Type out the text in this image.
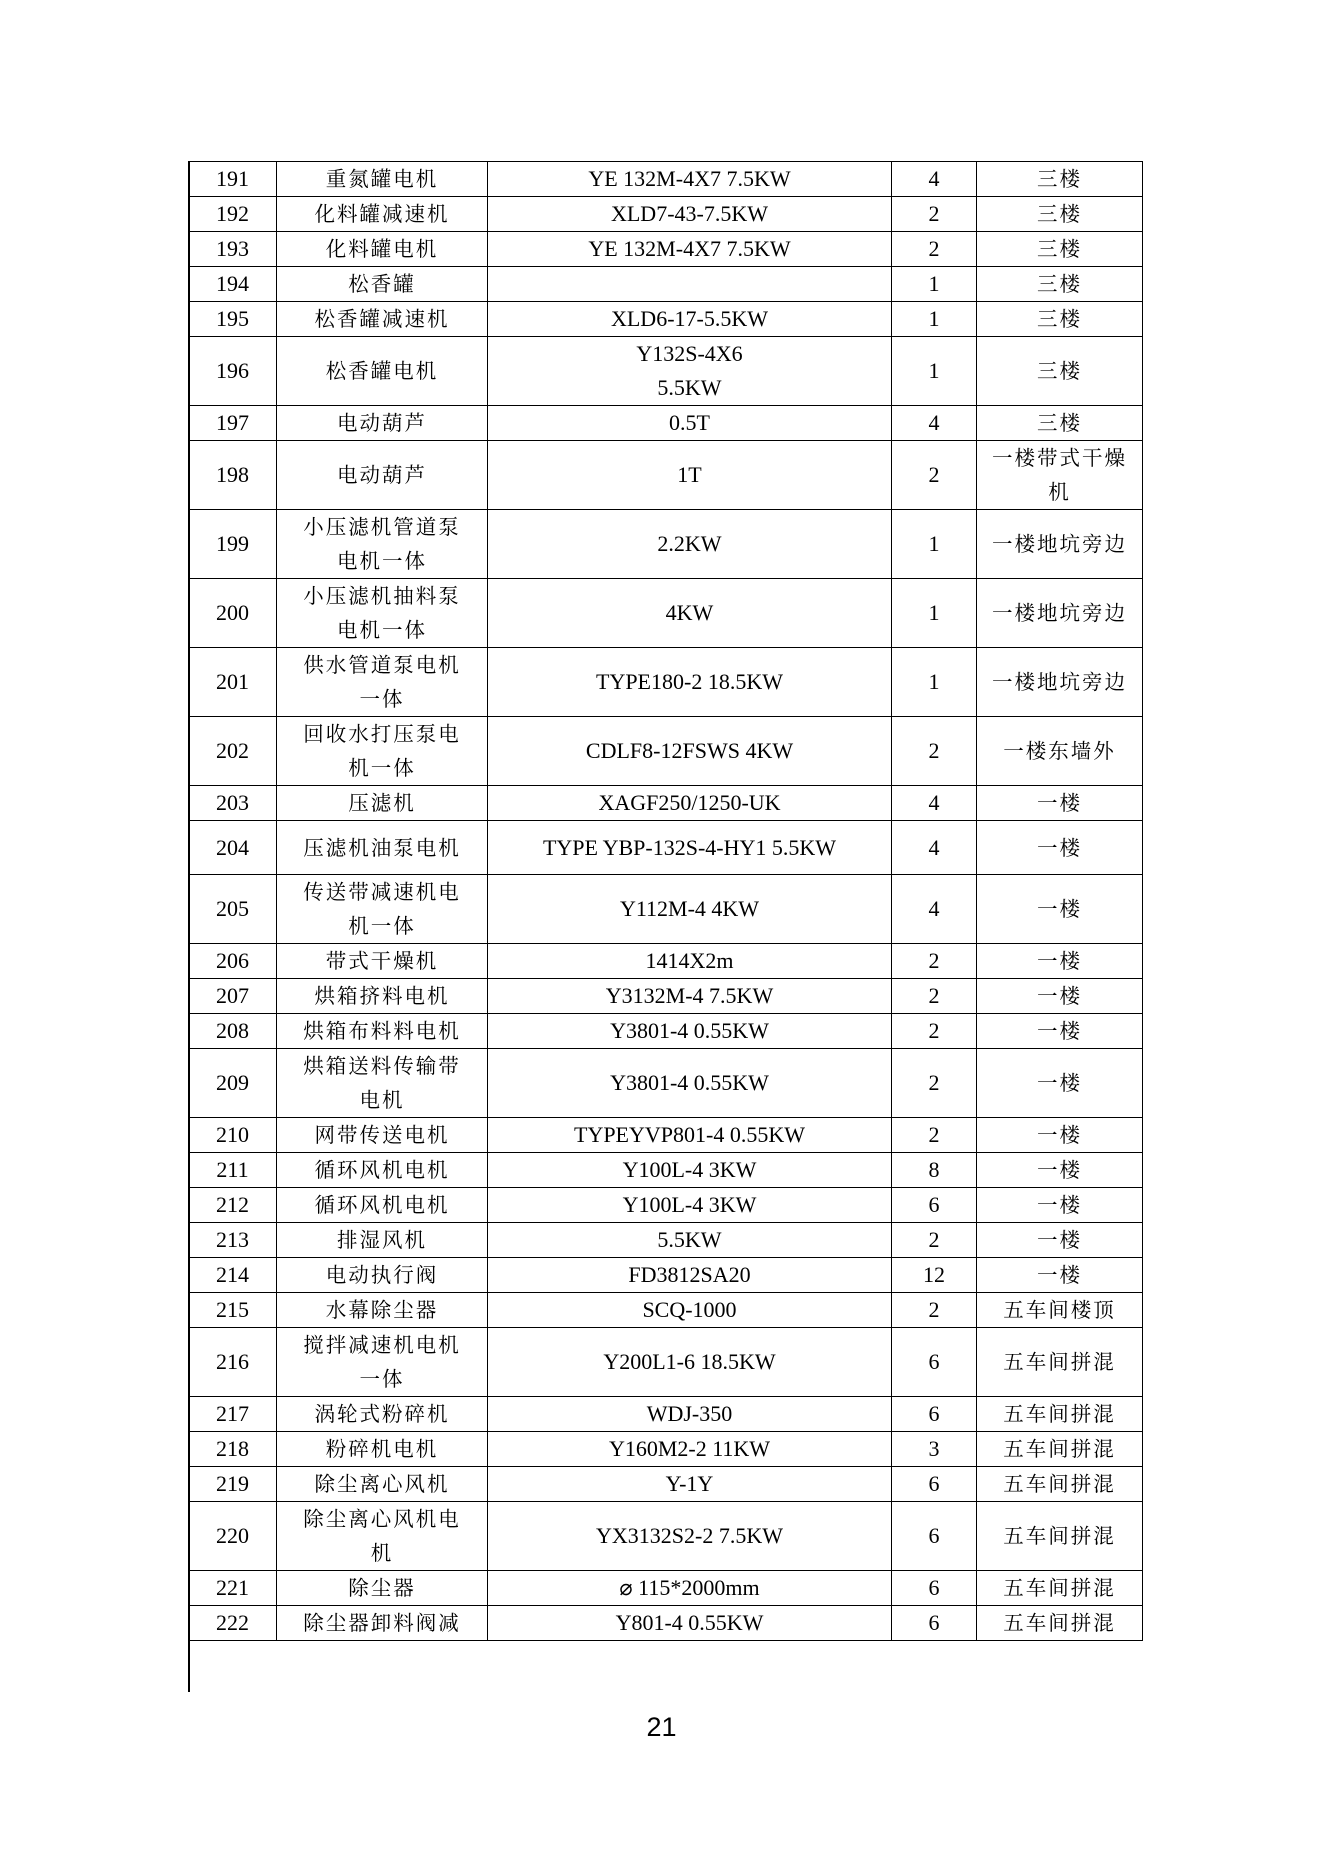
191	重氮罐电机	YE 132M-4X7 7.5KW	4	三楼
192	化料罐减速机	XLD7-43-7.5KW	2	三楼
193	化料罐电机	YE 132M-4X7 7.5KW	2	三楼
194	松香罐		1	三楼
195	松香罐减速机	XLD6-17-5.5KW	1	三楼
196	松香罐电机	Y132S-4X6
5.5KW	1	三楼
197	电动葫芦	0.5T	4	三楼
198	电动葫芦	1T	2	一楼带式干燥
机
199	小压滤机管道泵
电机一体	2.2KW	1	一楼地坑旁边
200	小压滤机抽料泵
电机一体	4KW	1	一楼地坑旁边
201	供水管道泵电机
一体	TYPE180-2 18.5KW	1	一楼地坑旁边
202	回收水打压泵电
机一体	CDLF8-12FSWS 4KW	2	一楼东墙外
203	压滤机	XAGF250/1250-UK	4	一楼
204	压滤机油泵电机	TYPE YBP-132S-4-HY1 5.5KW	4	一楼
205	传送带减速机电
机一体	Y112M-4 4KW	4	一楼
206	带式干燥机	1414X2m	2	一楼
207	烘箱挤料电机	Y3132M-4 7.5KW	2	一楼
208	烘箱布料料电机	Y3801-4 0.55KW	2	一楼
209	烘箱送料传输带
电机	Y3801-4 0.55KW	2	一楼
210	网带传送电机	TYPEYVP801-4 0.55KW	2	一楼
211	循环风机电机	Y100L-4 3KW	8	一楼
212	循环风机电机	Y100L-4 3KW	6	一楼
213	排湿风机	5.5KW	2	一楼
214	电动执行阀	FD3812SA20	12	一楼
215	水幕除尘器	SCQ-1000	2	五车间楼顶
216	搅拌减速机电机
一体	Y200L1-6 18.5KW	6	五车间拼混
217	涡轮式粉碎机	WDJ-350	6	五车间拼混
218	粉碎机电机	Y160M2-2 11KW	3	五车间拼混
219	除尘离心风机	Y-1Y	6	五车间拼混
220	除尘离心风机电
机	YX3132S2-2 7.5KW	6	五车间拼混
221	除尘器	⌀ 115*2000mm	6	五车间拼混
222	除尘器卸料阀减	Y801-4 0.55KW	6	五车间拼混
21
